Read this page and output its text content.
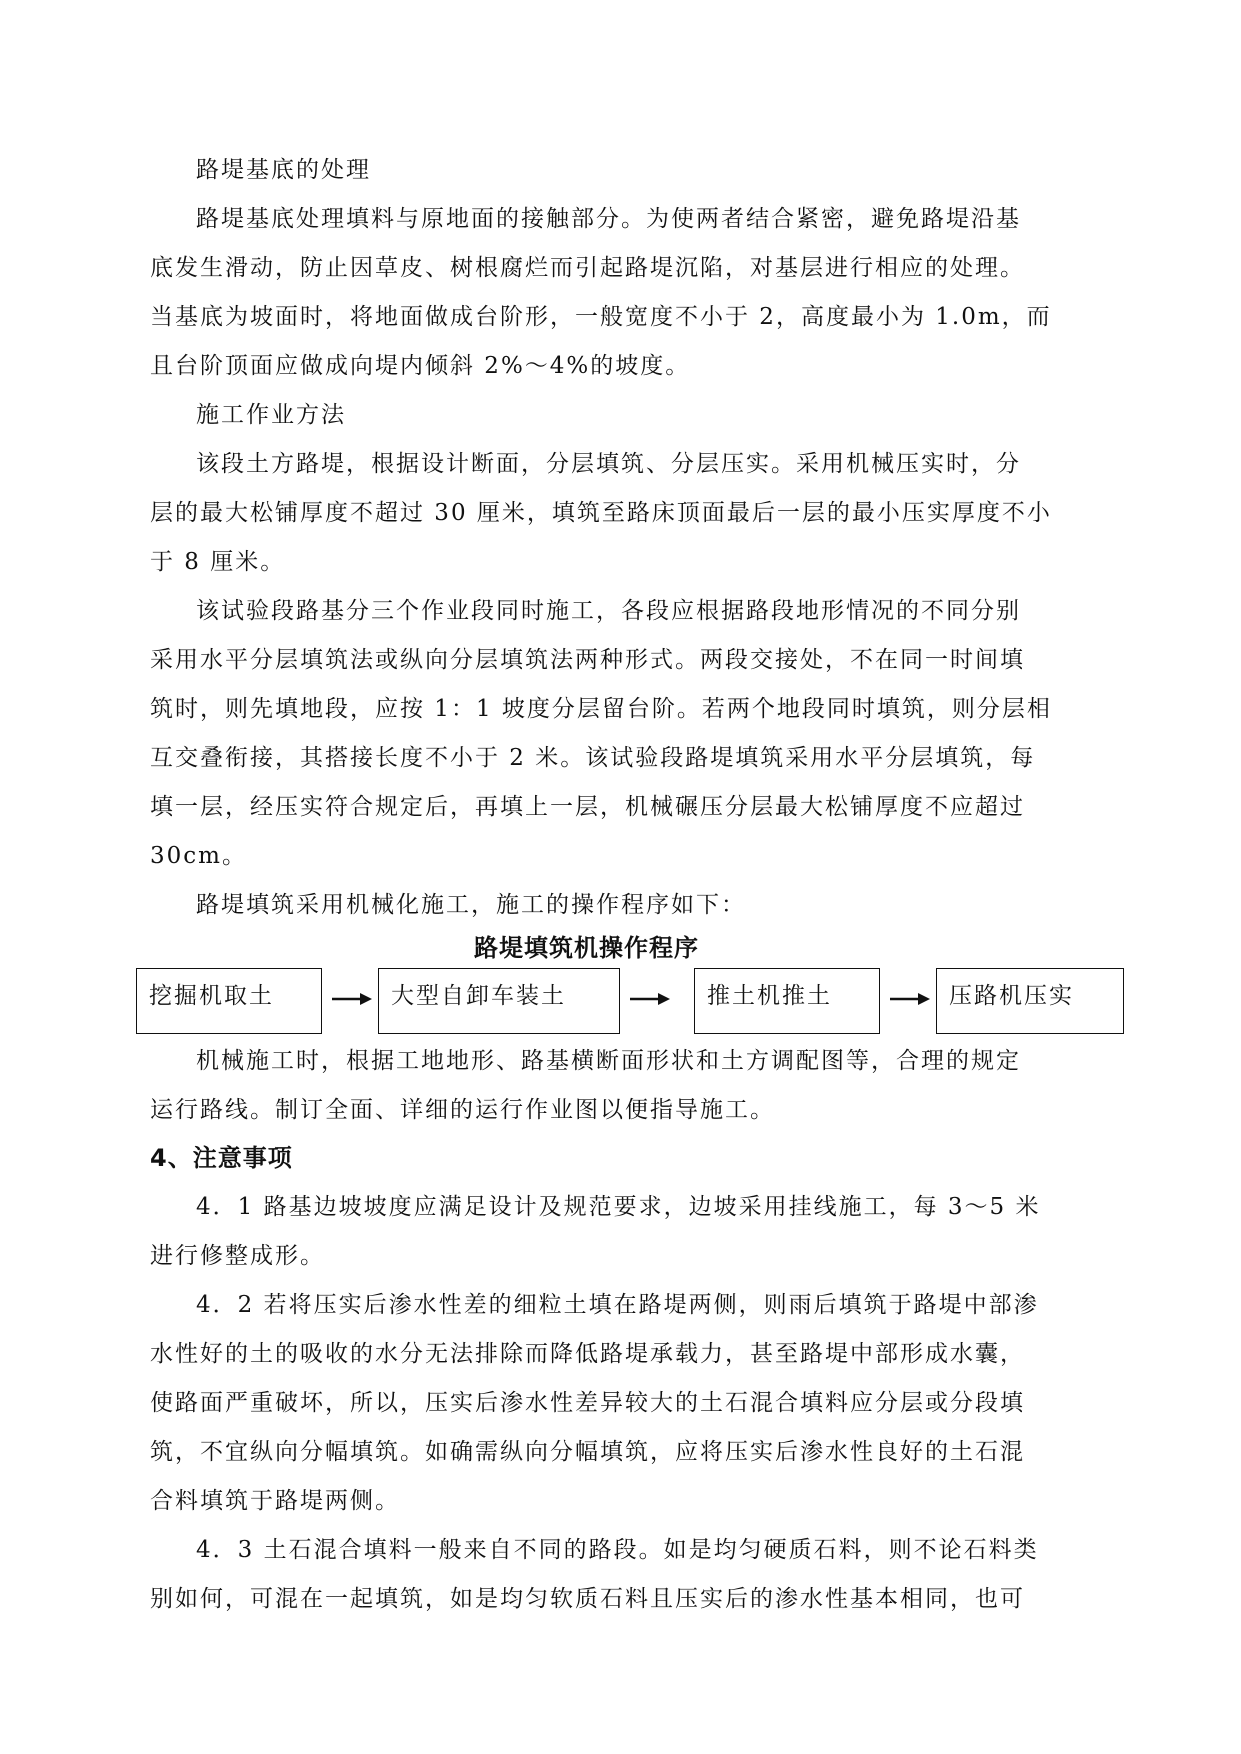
路堤基底的处理
路堤基底处理填料与原地面的接触部分。为使两者结合紧密，避免路堤沿基
底发生滑动，防止因草皮、树根腐烂而引起路堤沉陷，对基层进行相应的处理。
当基底为坡面时，将地面做成台阶形，一般宽度不小于 2，高度最小为 1.0m，而
且台阶顶面应做成向堤内倾斜 2%～4%的坡度。
施工作业方法
该段土方路堤，根据设计断面，分层填筑、分层压实。采用机械压实时，分
层的最大松铺厚度不超过 30 厘米，填筑至路床顶面最后一层的最小压实厚度不小
于 8 厘米。
该试验段路基分三个作业段同时施工，各段应根据路段地形情况的不同分别
采用水平分层填筑法或纵向分层填筑法两种形式。两段交接处，不在同一时间填
筑时，则先填地段，应按 1：1 坡度分层留台阶。若两个地段同时填筑，则分层相
互交叠衔接，其搭接长度不小于 2 米。该试验段路堤填筑采用水平分层填筑，每
填一层，经压实符合规定后，再填上一层，机械碾压分层最大松铺厚度不应超过
30cm。
路堤填筑采用机械化施工，施工的操作程序如下：
路堤填筑机操作程序
挖掘机取土	大型自卸车装土	推土机推土	压路机压实
机械施工时，根据工地地形、路基横断面形状和土方调配图等，合理的规定
运行路线。制订全面、详细的运行作业图以便指导施工。
4、注意事项
4．1 路基边坡坡度应满足设计及规范要求，边坡采用挂线施工，每 3～5 米
进行修整成形。
4．2 若将压实后渗水性差的细粒土填在路堤两侧，则雨后填筑于路堤中部渗
水性好的土的吸收的水分无法排除而降低路堤承载力，甚至路堤中部形成水囊，
使路面严重破坏，所以，压实后渗水性差异较大的土石混合填料应分层或分段填
筑，不宜纵向分幅填筑。如确需纵向分幅填筑，应将压实后渗水性良好的土石混
合料填筑于路堤两侧。
4．3 土石混合填料一般来自不同的路段。如是均匀硬质石料，则不论石料类
别如何，可混在一起填筑，如是均匀软质石料且压实后的渗水性基本相同，也可
